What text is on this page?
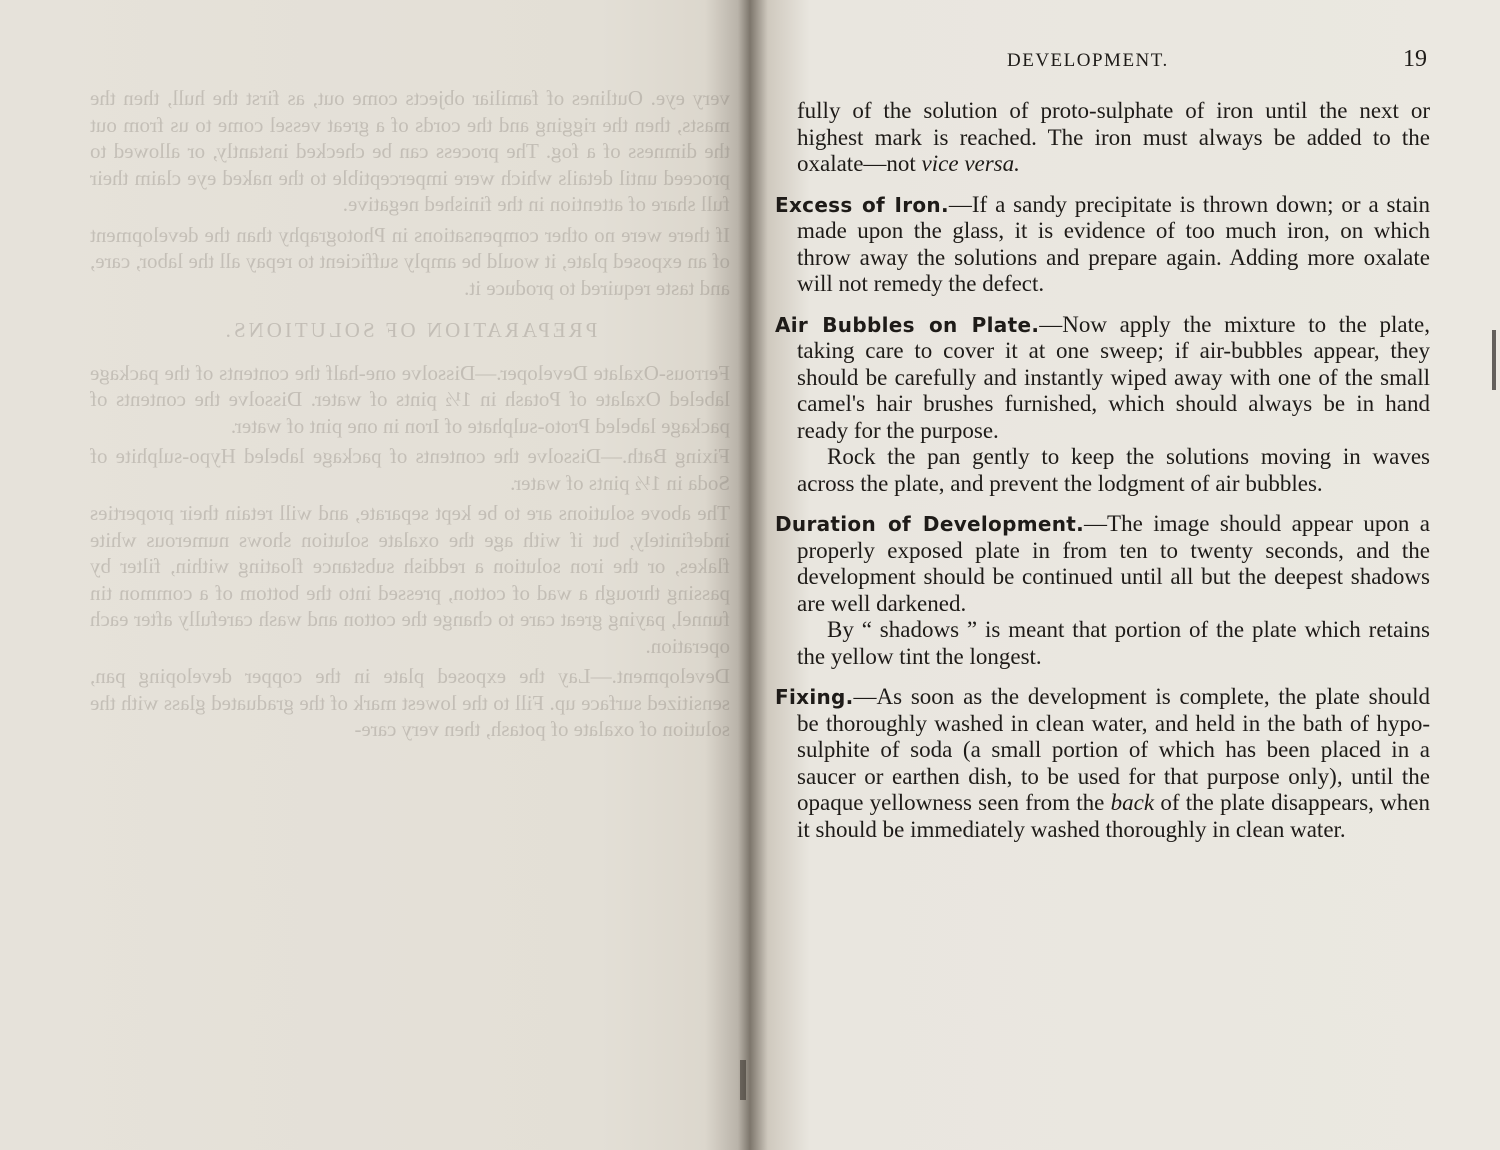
very eye. Outlines of familiar objects come out, as first the hull, then the masts, then the rigging and the cords of a great vessel come to us from out the dimness of a fog. The process can be checked instantly, or allowed to proceed until details which were imperceptible to the naked eye claim their full share of attention in the finished negative.

If there were no other compensations in Photography than the development of an exposed plate, it would be amply sufficient to repay all the labor, care, and taste required to produce it.

PREPARATION OF SOLUTIONS.

Ferrous-Oxalate Developer.—Dissolve one-half the contents of the package labeled Oxalate of Potash in 1½ pints of water. Dissolve the contents of package labeled Proto-sulphate of Iron in one pint of water.

Fixing Bath.—Dissolve the contents of package labeled Hypo-sulphite of Soda in 1½ pints of water.

The above solutions are to be kept separate, and will retain their properties indefinitely, but if with age the oxalate solution shows numerous white flakes, or the iron solution a reddish substance floating within, filter by passing through a wad of cotton, pressed into the bottom of a common tin funnel, paying great care to change the cotton and wash carefully after each operation.

Development.—Lay the exposed plate in the copper developing pan, sensitized surface up. Fill to the lowest mark of the graduated glass with the solution of oxalate of potash, then very care-

DEVELOPMENT.	19

fully of the solution of proto-sulphate of iron until the next or highest mark is reached. The iron must always be added to the oxalate—not vice versa.

Excess of Iron.—If a sandy precipitate is thrown down; or a stain made upon the glass, it is evidence of too much iron, on which throw away the solutions and prepare again. Adding more oxalate will not remedy the defect.

Air Bubbles on Plate.—Now apply the mixture to the plate, taking care to cover it at one sweep; if air-bubbles appear, they should be carefully and instantly wiped away with one of the small camel's hair brushes furnished, which should always be in hand ready for the purpose.

Rock the pan gently to keep the solutions moving in waves across the plate, and prevent the lodgment of air bubbles.

Duration of Development.—The image should appear upon a properly exposed plate in from ten to twenty seconds, and the development should be continued until all but the deepest shadows are well darkened.

By “ shadows ” is meant that portion of the plate which retains the yellow tint the longest.

Fixing.—As soon as the development is complete, the plate should be thoroughly washed in clean water, and held in the bath of hypo-sulphite of soda (a small portion of which has been placed in a saucer or earthen dish, to be used for that purpose only), until the opaque yellowness seen from the back of the plate disappears, when it should be immediately washed thoroughly in clean water.
